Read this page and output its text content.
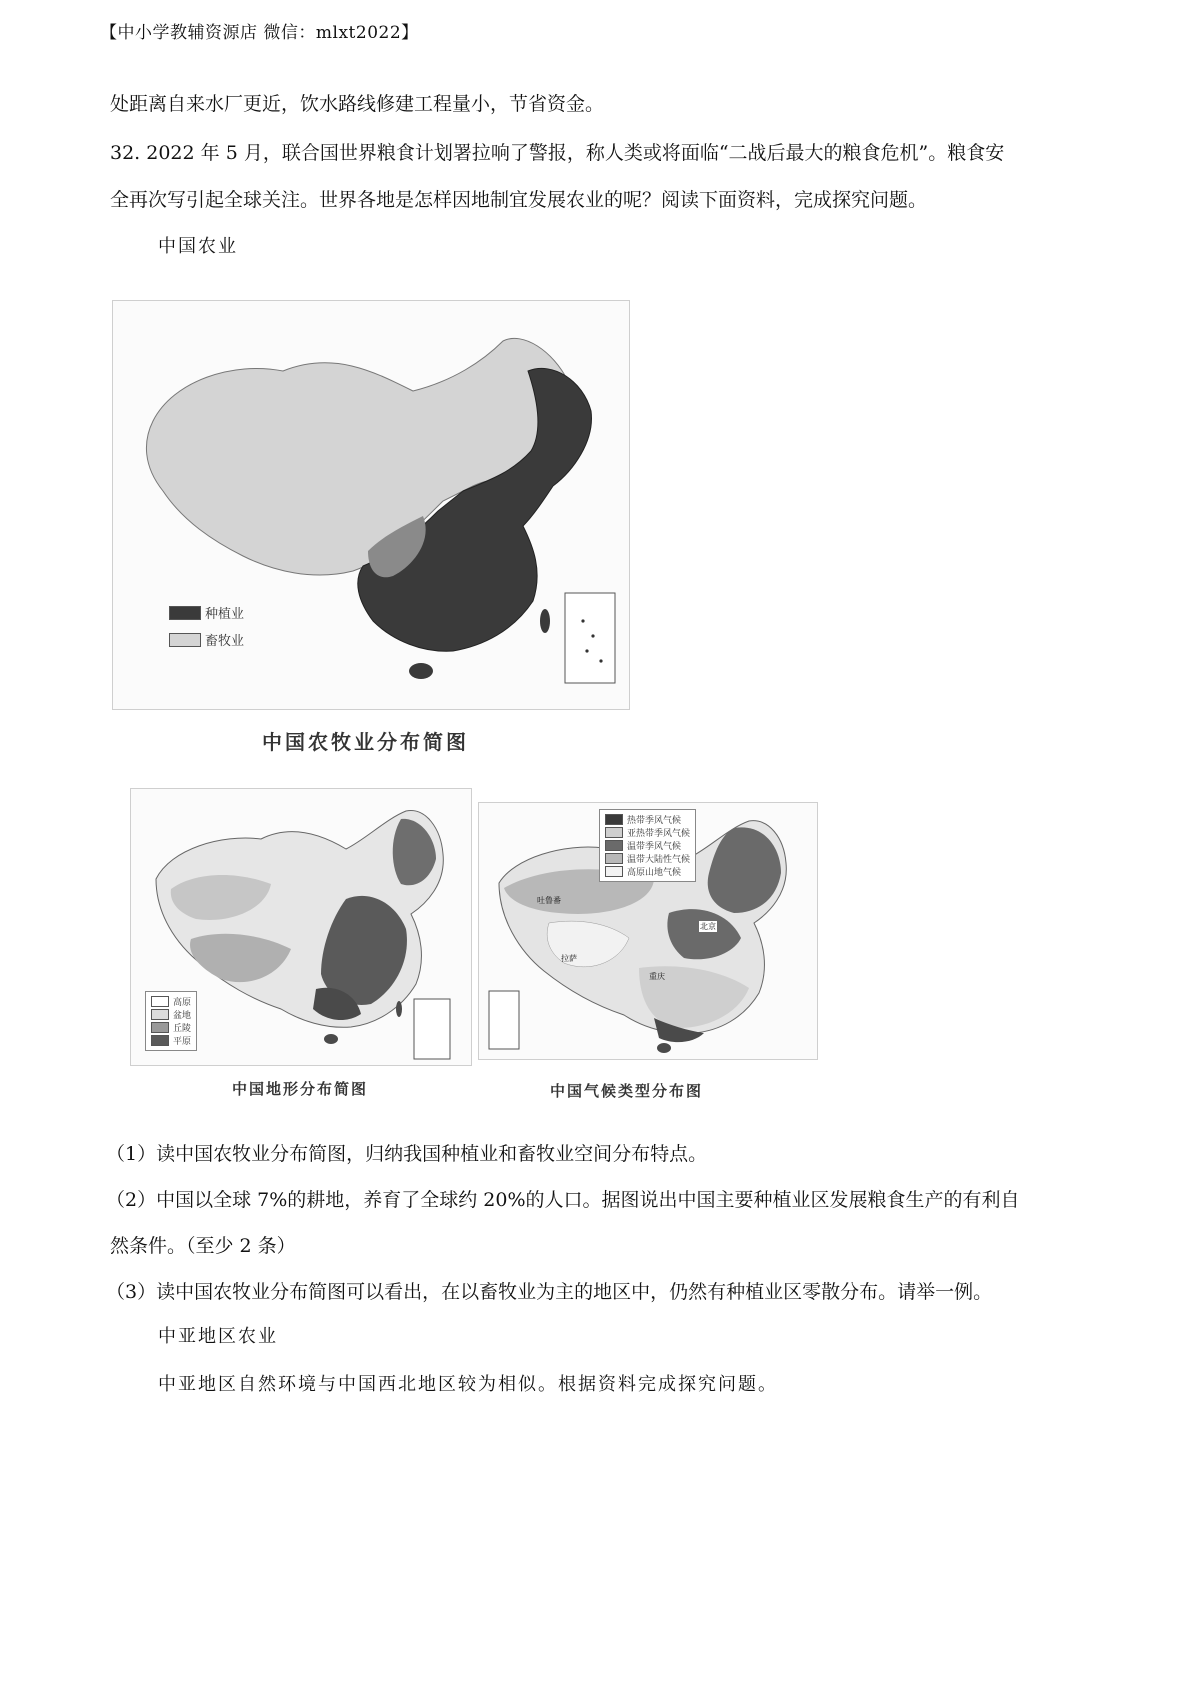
【中小学教辅资源店 微信：mlxt2022】
处距离自来水厂更近，饮水路线修建工程量小，节省资金。
32. 2022 年 5 月，联合国世界粮食计划署拉响了警报，称人类或将面临“二战后最大的粮食危机”。粮食安
全再次写引起全球关注。世界各地是怎样因地制宜发展农业的呢？阅读下面资料，完成探究问题。
中国农业
种植业
畜牧业
中国农牧业分布简图
高原
盆地
丘陵
平原
中国地形分布简图
热带季风气候
亚热带季风气候
温带季风气候
温带大陆性气候
高原山地气候
北京
吐鲁番
拉萨
重庆
中国气候类型分布图
（1）读中国农牧业分布简图，归纳我国种植业和畜牧业空间分布特点。
（2）中国以全球 7%的耕地，养育了全球约 20%的人口。据图说出中国主要种植业区发展粮食生产的有利自
然条件。（至少 2 条）
（3）读中国农牧业分布简图可以看出，在以畜牧业为主的地区中，仍然有种植业区零散分布。请举一例。
中亚地区农业
中亚地区自然环境与中国西北地区较为相似。根据资料完成探究问题。
